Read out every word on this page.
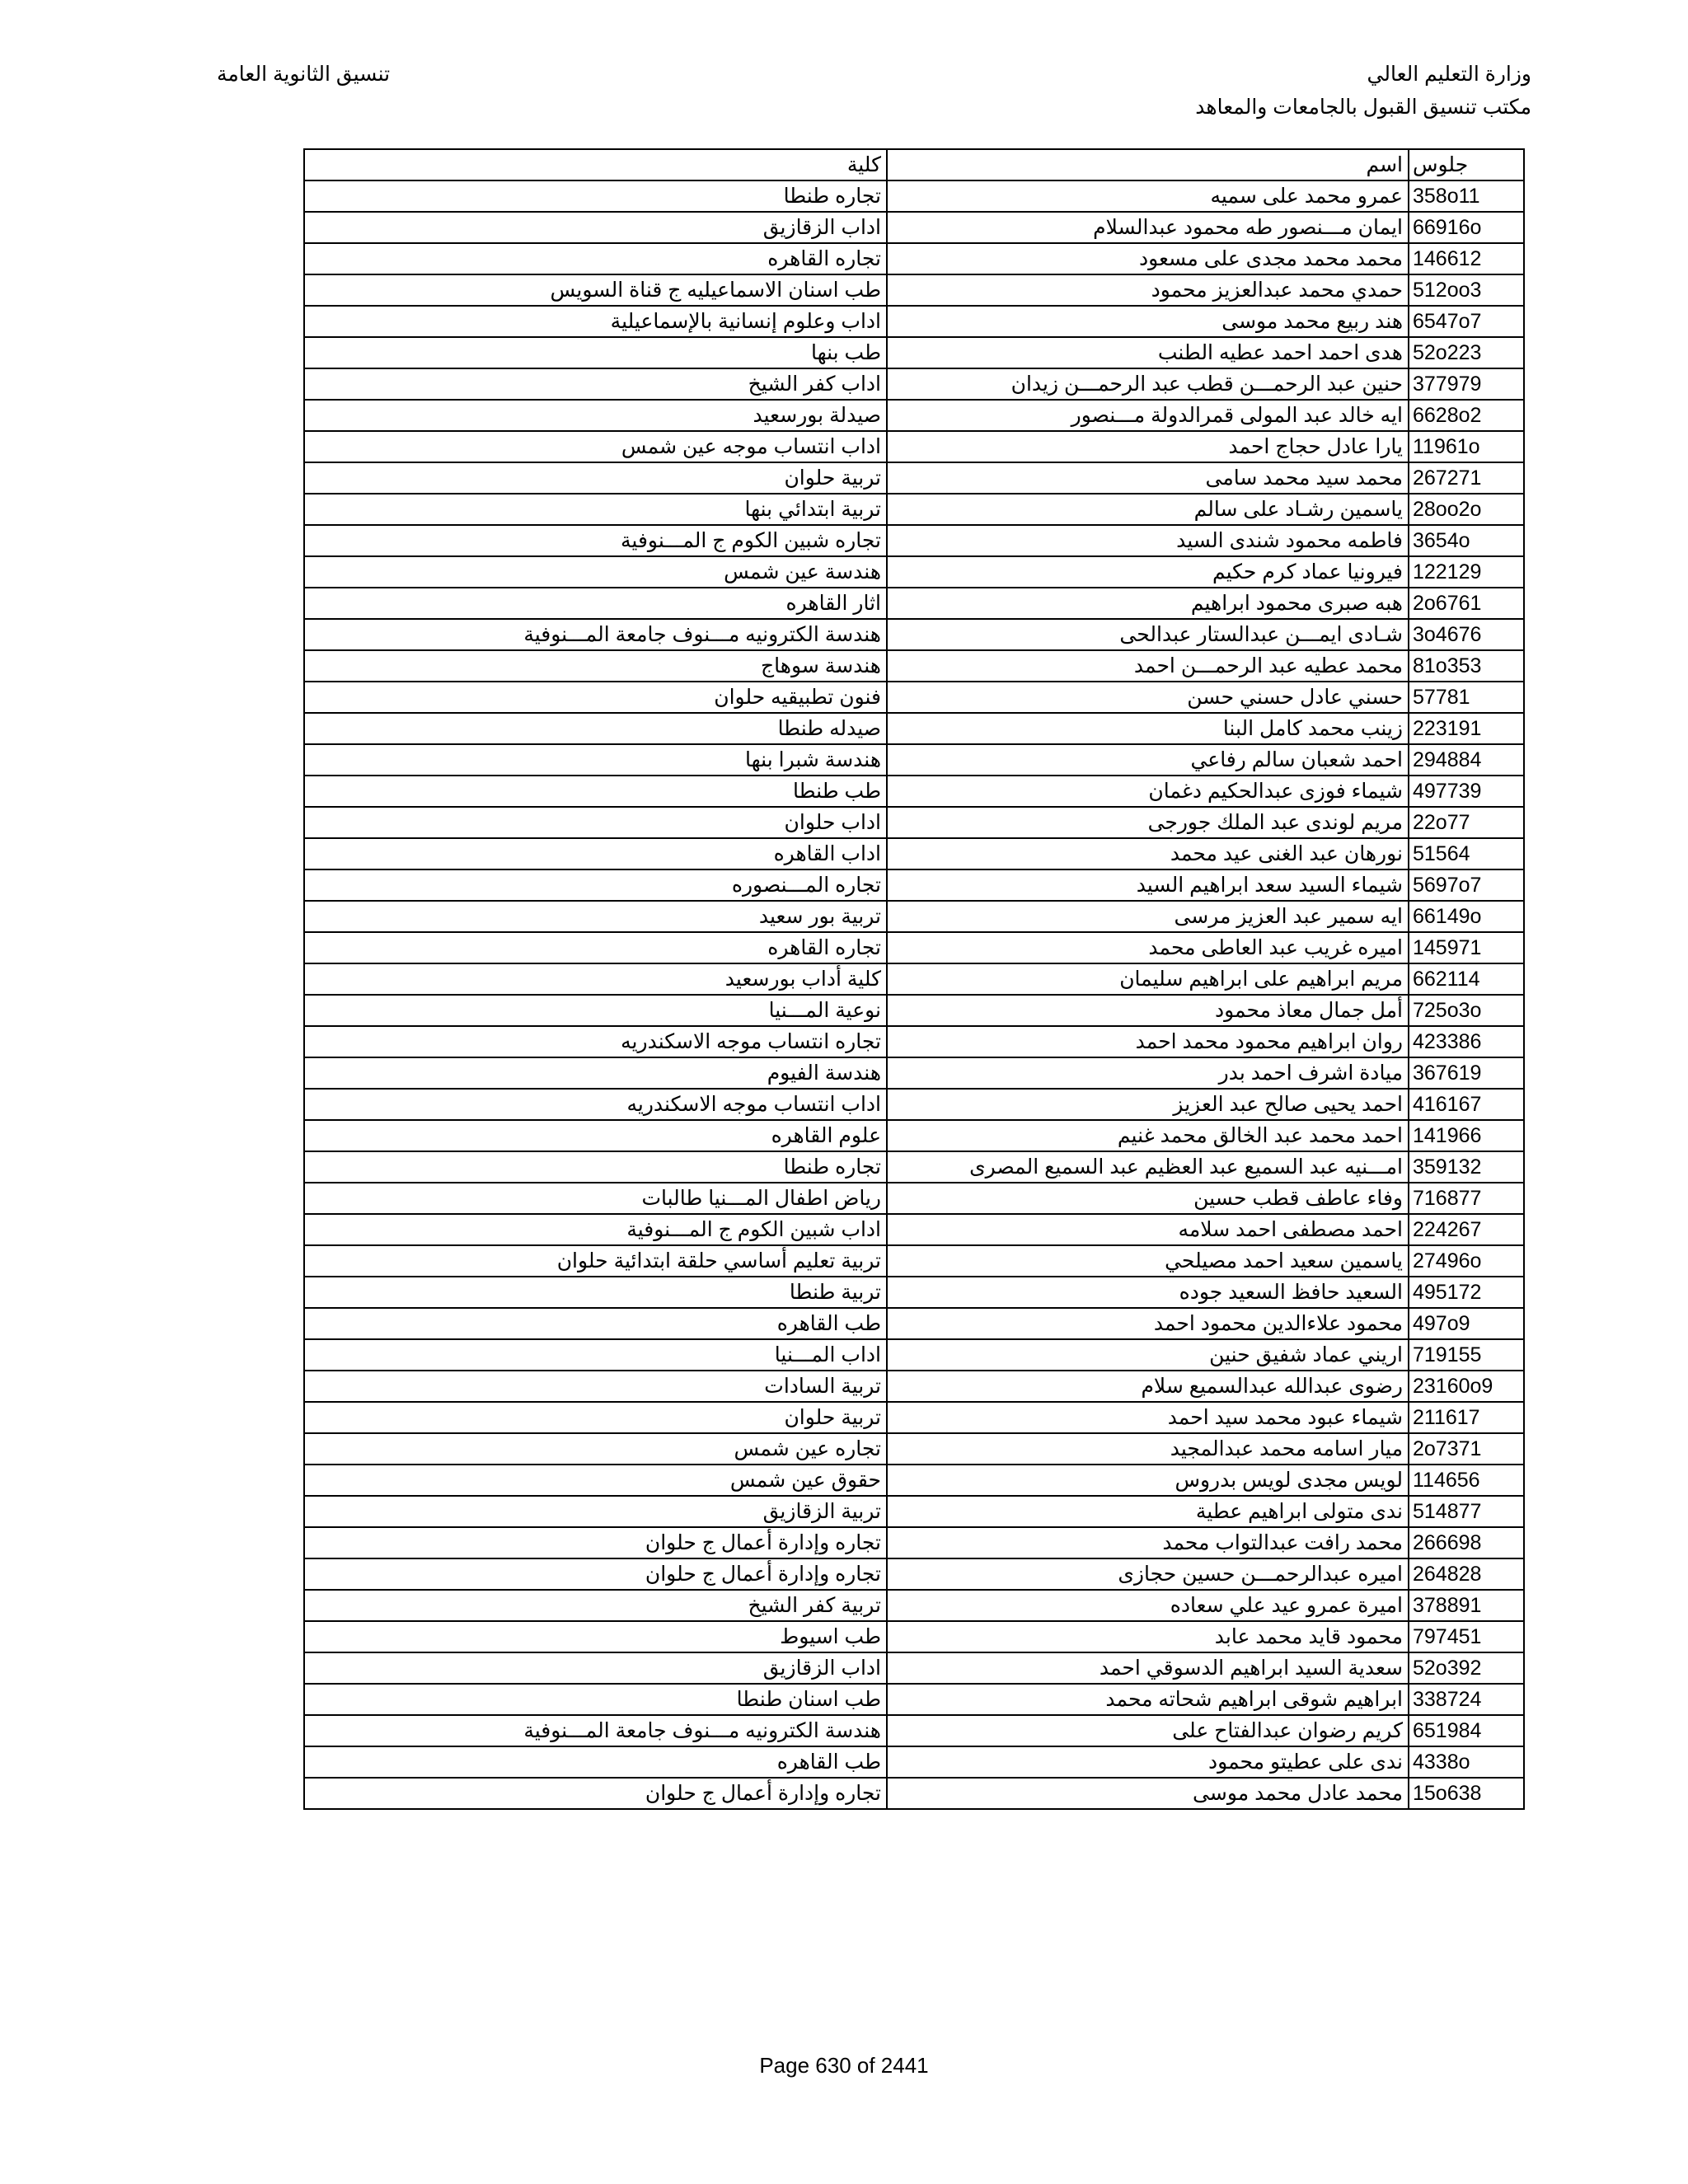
وزارة التعليم العالي
مكتب تنسيق القبول بالجامعات والمعاهد
تنسيق الثانوية العامة
كلية	اسم	جلوس
تجاره طنطا	عمرو محمد على سميه	358o11
اداب الزقازيق	ايمان مـــنصور طه محمود عبدالسلام	66916o
تجاره القاهره	محمد محمد مجدى على مسعود	146612
طب اسنان الاسماعيليه ج قناة السويس	حمدي محمد عبدالعزيز محمود	512oo3
اداب وعلوم إنسانية بالإسماعيلية	هند ربيع محمد موسى	6547o7
طب بنها	هدى احمد احمد عطيه الطنب	52o223
اداب كفر الشيخ	حنين عبد الرحمـــن قطب عبد الرحمـــن زيدان	377979
صيدلة بورسعيد	ايه خالد عبد المولى قمرالدولة مـــنصور	6628o2
اداب انتساب موجه عين شمس	يارا عادل حجاج احمد	11961o
تربية حلوان	محمد سيد محمد سامى	267271
تربية ابتدائي بنها	ياسمين رشـاد على سالم	28oo2o
تجاره شبين الكوم ج المـــنوفية	فاطمه محمود شندى السيد	3654o
هندسة عين شمس	فيرونيا عماد كرم حكيم	122129
اثار القاهره	هبه صبرى محمود ابراهيم	2o6761
هندسة الكترونيه مـــنوف جامعة المـــنوفية	شـادى ايمـــن عبدالستار عبدالحى	3o4676
هندسة سوهاج	محمد عطيه عبد الرحمـــن احمد	81o353
فنون تطبيقيه حلوان	حسني عادل حسني حسن	57781
صيدله طنطا	زينب محمد كامل البنا	223191
هندسة شبرا بنها	احمد شعبان سالم رفاعي	294884
طب طنطا	شيماء فوزى عبدالحكيم دغمان	497739
اداب حلوان	مريم لوندى عبد الملك جورجى	22o77
اداب القاهره	نورهان عبد الغنى عيد محمد	51564
تجاره المـــنصوره	شيماء السيد سعد ابراهيم السيد	5697o7
تربية بور سعيد	ايه سمير عبد العزيز مرسى	66149o
تجاره القاهره	اميره غريب عبد العاطى محمد	145971
كلية أداب بورسعيد	مريم ابراهيم على ابراهيم سليمان	662114
نوعية المـــنيا	أمل جمال معاذ محمود	725o3o
تجاره انتساب موجه الاسكندريه	روان ابراهيم محمود محمد احمد	423386
هندسة الفيوم	ميادة اشرف احمد بدر	367619
اداب انتساب موجه الاسكندريه	احمد يحيى صالح عبد العزيز	416167
علوم القاهره	احمد محمد عبد الخالق محمد غنيم	141966
تجاره طنطا	امـــنيه عبد السميع عبد العظيم عبد السميع المصرى	359132
رياض اطفال المـــنيا طالبات	وفاء عاطف قطب حسين	716877
اداب شبين الكوم ج المـــنوفية	احمد مصطفى احمد سلامه	224267
تربية تعليم أساسي حلقة ابتدائية حلوان	ياسمين سعيد احمد مصيلحي	27496o
تربية طنطا	السعيد حافظ السعيد جوده	495172
طب القاهره	محمود علاءالدين محمود احمد	497o9
اداب المـــنيا	اريني عماد شفيق حنين	719155
تربية السادات	رضوى عبدالله عبدالسميع سلام	23160o9
تربية حلوان	شيماء عبود محمد سيد احمد	211617
تجاره عين شمس	ميار اسامه محمد عبدالمجيد	2o7371
حقوق عين شمس	لويس مجدى لويس بدروس	114656
تربية الزقازيق	ندى متولى ابراهيم عطية	514877
تجاره وإدارة أعمال ج حلوان	محمد رافت عبدالتواب محمد	266698
تجاره وإدارة أعمال ج حلوان	اميره عبدالرحمـــن حسين حجازى	264828
تربية كفر الشيخ	اميرة عمرو عيد علي سعاده	378891
طب اسيوط	محمود قايد محمد عابد	797451
اداب الزقازيق	سعدية السيد ابراهيم الدسوقي احمد	52o392
طب اسنان طنطا	ابراهيم شوقى ابراهيم شحاته محمد	338724
هندسة الكترونيه مـــنوف جامعة المـــنوفية	كريم رضوان عبدالفتاح على	651984
طب القاهره	ندى على عطيتو محمود	4338o
تجاره وإدارة أعمال ج حلوان	محمد عادل محمد موسى	15o638
Page 630 of 2441
